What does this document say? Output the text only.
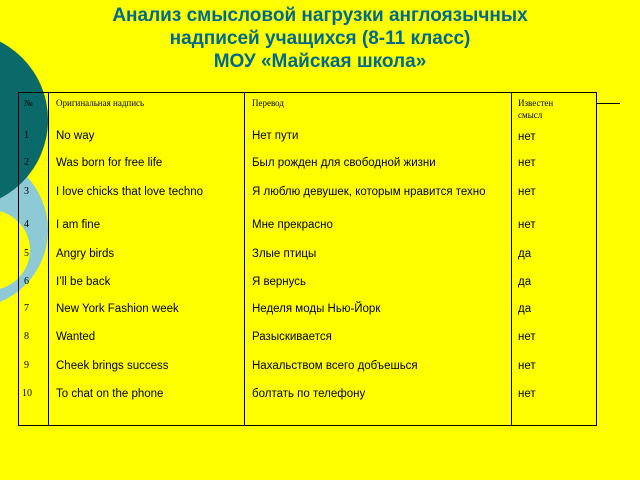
Анализ смысловой нагрузки англоязычных
надписей учащихся (8-11 класс)
МОУ «Майская школа»
№	Оригинальная надпись	Перевод	Известен
смысл
1 No way	Нет пути	нет
2 Was born for free life	Был рожден для свободной жизни	нет
3 I love chicks that love techno	Я люблю девушек, которым нравится техно	нет
4 I am fine	Мне прекрасно	нет
5 Angry birds	Злые птицы	да
6 I’ll be back	Я вернусь	да
7 New York Fashion week	Неделя моды Нью-Йорк	да
8 Wanted	Разыскивается	нет
9 Cheek brings success	Нахальством всего добъешься	нет
10 To chat on the phone	болтать по телефону	нет
